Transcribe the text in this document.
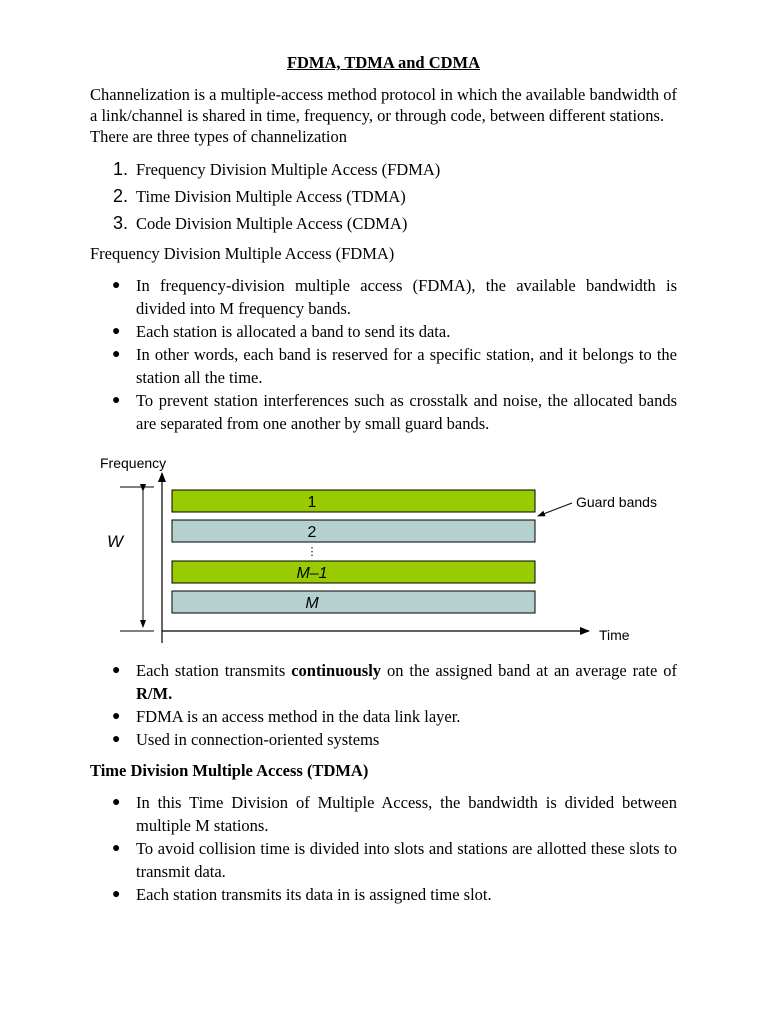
FDMA, TDMA and CDMA

Channelization is a multiple-access method protocol in which the available bandwidth of a link/channel is shared in time, frequency, or through code, between different stations.

There are three types of channelization

1. Frequency Division Multiple Access (FDMA)
2. Time Division Multiple Access (TDMA)
3. Code Division Multiple Access (CDMA)

Frequency Division Multiple Access (FDMA)

● In frequency-division multiple access (FDMA), the available bandwidth is divided into M frequency bands.
● Each station is allocated a band to send its data.
● In other words, each band is reserved for a specific station, and it belongs to the station all the time.
● To prevent station interferences such as crosstalk and noise, the allocated bands are separated from one another by small guard bands.
Frequency
Time
W
Guard bands
1
2
⋮
M–1
M
● Each station transmits continuously on the assigned band at an average rate of R/M.
● FDMA is an access method in the data link layer.
● Used in connection-oriented systems

Time Division Multiple Access (TDMA)

● In this Time Division of Multiple Access, the bandwidth is divided between multiple M stations.
● To avoid collision time is divided into slots and stations are allotted these slots to transmit data.
● Each station transmits its data in is assigned time slot.
